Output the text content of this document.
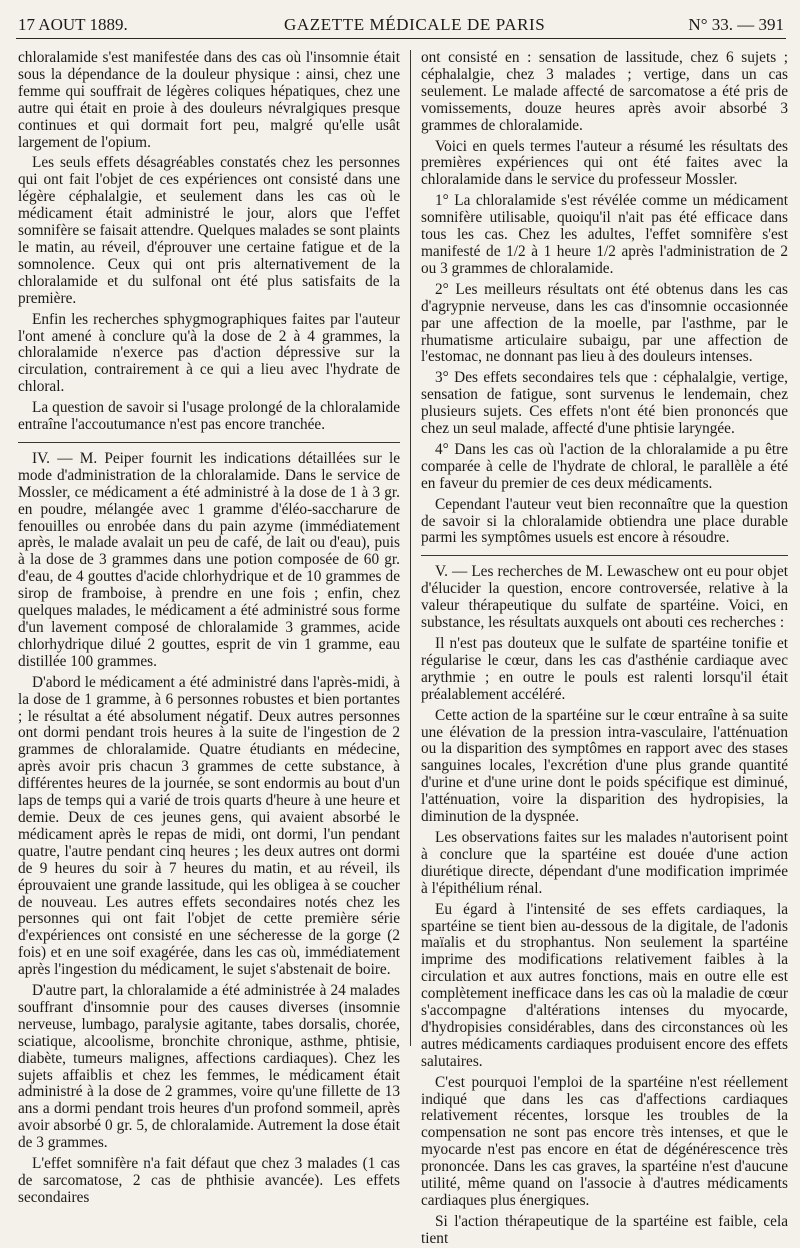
17 AOUT 1889.	GAZETTE MÉDICALE DE PARIS	N° 33. — 391

chloralamide s'est manifestée dans des cas où l'insomnie était sous la dépendance de la douleur physique : ainsi, chez une femme qui souffrait de légères coliques hépatiques, chez une autre qui était en proie à des douleurs névralgiques presque continues et qui dormait fort peu, malgré qu'elle usât largement de l'opium.

Les seuls effets désagréables constatés chez les personnes qui ont fait l'objet de ces expériences ont consisté dans une légère céphalalgie, et seulement dans les cas où le médicament était administré le jour, alors que l'effet somnifère se faisait attendre. Quelques malades se sont plaints le matin, au réveil, d'éprouver une certaine fatigue et de la somnolence. Ceux qui ont pris alternativement de la chloralamide et du sulfonal ont été plus satisfaits de la première.

Enfin les recherches sphygmographiques faites par l'auteur l'ont amené à conclure qu'à la dose de 2 à 4 grammes, la chloralamide n'exerce pas d'action dépressive sur la circulation, contrairement à ce qui a lieu avec l'hydrate de chloral.

La question de savoir si l'usage prolongé de la chloralamide entraîne l'accoutumance n'est pas encore tranchée.

IV. — M. Peiper fournit les indications détaillées sur le mode d'administration de la chloralamide. Dans le service de Mossler, ce médicament a été administré à la dose de 1 à 3 gr. en poudre, mélangée avec 1 gramme d'éléo-saccharure de fenouilles ou enrobée dans du pain azyme (immédiatement après, le malade avalait un peu de café, de lait ou d'eau), puis à la dose de 3 grammes dans une potion composée de 60 gr. d'eau, de 4 gouttes d'acide chlorhydrique et de 10 grammes de sirop de framboise, à prendre en une fois ; enfin, chez quelques malades, le médicament a été administré sous forme d'un lavement composé de chloralamide 3 grammes, acide chlorhydrique dilué 2 gouttes, esprit de vin 1 gramme, eau distillée 100 grammes.

D'abord le médicament a été administré dans l'après-midi, à la dose de 1 gramme, à 6 personnes robustes et bien portantes ; le résultat a été absolument négatif. Deux autres personnes ont dormi pendant trois heures à la suite de l'ingestion de 2 grammes de chloralamide. Quatre étudiants en médecine, après avoir pris chacun 3 grammes de cette substance, à différentes heures de la journée, se sont endormis au bout d'un laps de temps qui a varié de trois quarts d'heure à une heure et demie. Deux de ces jeunes gens, qui avaient absorbé le médicament après le repas de midi, ont dormi, l'un pendant quatre, l'autre pendant cinq heures ; les deux autres ont dormi de 9 heures du soir à 7 heures du matin, et au réveil, ils éprouvaient une grande lassitude, qui les obligea à se coucher de nouveau. Les autres effets secondaires notés chez les personnes qui ont fait l'objet de cette première série d'expériences ont consisté en une sécheresse de la gorge (2 fois) et en une soif exagérée, dans les cas où, immédiatement après l'ingestion du médicament, le sujet s'abstenait de boire.

D'autre part, la chloralamide a été administrée à 24 malades souffrant d'insomnie pour des causes diverses (insomnie nerveuse, lumbago, paralysie agitante, tabes dorsalis, chorée, sciatique, alcoolisme, bronchite chronique, asthme, phtisie, diabète, tumeurs malignes, affections cardiaques). Chez les sujets affaiblis et chez les femmes, le médicament était administré à la dose de 2 grammes, voire qu'une fillette de 13 ans a dormi pendant trois heures d'un profond sommeil, après avoir absorbé 0 gr. 5, de chloralamide. Autrement la dose était de 3 grammes.

L'effet somnifère n'a fait défaut que chez 3 malades (1 cas de sarcomatose, 2 cas de phthisie avancée). Les effets secondaires

ont consisté en : sensation de lassitude, chez 6 sujets ; céphalalgie, chez 3 malades ; vertige, dans un cas seulement. Le malade affecté de sarcomatose a été pris de vomissements, douze heures après avoir absorbé 3 grammes de chloralamide.

Voici en quels termes l'auteur a résumé les résultats des premières expériences qui ont été faites avec la chloralamide dans le service du professeur Mossler.

1° La chloralamide s'est révélée comme un médicament somnifère utilisable, quoiqu'il n'ait pas été efficace dans tous les cas. Chez les adultes, l'effet somnifère s'est manifesté de 1/2 à 1 heure 1/2 après l'administration de 2 ou 3 grammes de chloralamide.

2° Les meilleurs résultats ont été obtenus dans les cas d'agrypnie nerveuse, dans les cas d'insomnie occasionnée par une affection de la moelle, par l'asthme, par le rhumatisme articulaire subaigu, par une affection de l'estomac, ne donnant pas lieu à des douleurs intenses.

3° Des effets secondaires tels que : céphalalgie, vertige, sensation de fatigue, sont survenus le lendemain, chez plusieurs sujets. Ces effets n'ont été bien prononcés que chez un seul malade, affecté d'une phtisie laryngée.

4° Dans les cas où l'action de la chloralamide a pu être comparée à celle de l'hydrate de chloral, le parallèle a été en faveur du premier de ces deux médicaments.

Cependant l'auteur veut bien reconnaître que la question de savoir si la chloralamide obtiendra une place durable parmi les symptômes usuels est encore à résoudre.

V. — Les recherches de M. Lewaschew ont eu pour objet d'élucider la question, encore controversée, relative à la valeur thérapeutique du sulfate de spartéine. Voici, en substance, les résultats auxquels ont abouti ces recherches :

Il n'est pas douteux que le sulfate de spartéine tonifie et régularise le cœur, dans les cas d'asthénie cardiaque avec arythmie ; en outre le pouls est ralenti lorsqu'il était préalablement accéléré.

Cette action de la spartéine sur le cœur entraîne à sa suite une élévation de la pression intra-vasculaire, l'atténuation ou la disparition des symptômes en rapport avec des stases sanguines locales, l'excrétion d'une plus grande quantité d'urine et d'une urine dont le poids spécifique est diminué, l'atténuation, voire la disparition des hydropisies, la diminution de la dyspnée.

Les observations faites sur les malades n'autorisent point à conclure que la spartéine est douée d'une action diurétique directe, dépendant d'une modification imprimée à l'épithélium rénal.

Eu égard à l'intensité de ses effets cardiaques, la spartéine se tient bien au-dessous de la digitale, de l'adonis maïalis et du strophantus. Non seulement la spartéine imprime des modifications relativement faibles à la circulation et aux autres fonctions, mais en outre elle est complètement inefficace dans les cas où la maladie de cœur s'accompagne d'altérations intenses du myocarde, d'hydropisies considérables, dans des circonstances où les autres médicaments cardiaques produisent encore des effets salutaires.

C'est pourquoi l'emploi de la spartéine n'est réellement indiqué que dans les cas d'affections cardiaques relativement récentes, lorsque les troubles de la compensation ne sont pas encore très intenses, et que le myocarde n'est pas encore en état de dégénérescence très prononcée. Dans les cas graves, la spartéine n'est d'aucune utilité, même quand on l'associe à d'autres médicaments cardiaques plus énergiques.

Si l'action thérapeutique de la spartéine est faible, cela tient
